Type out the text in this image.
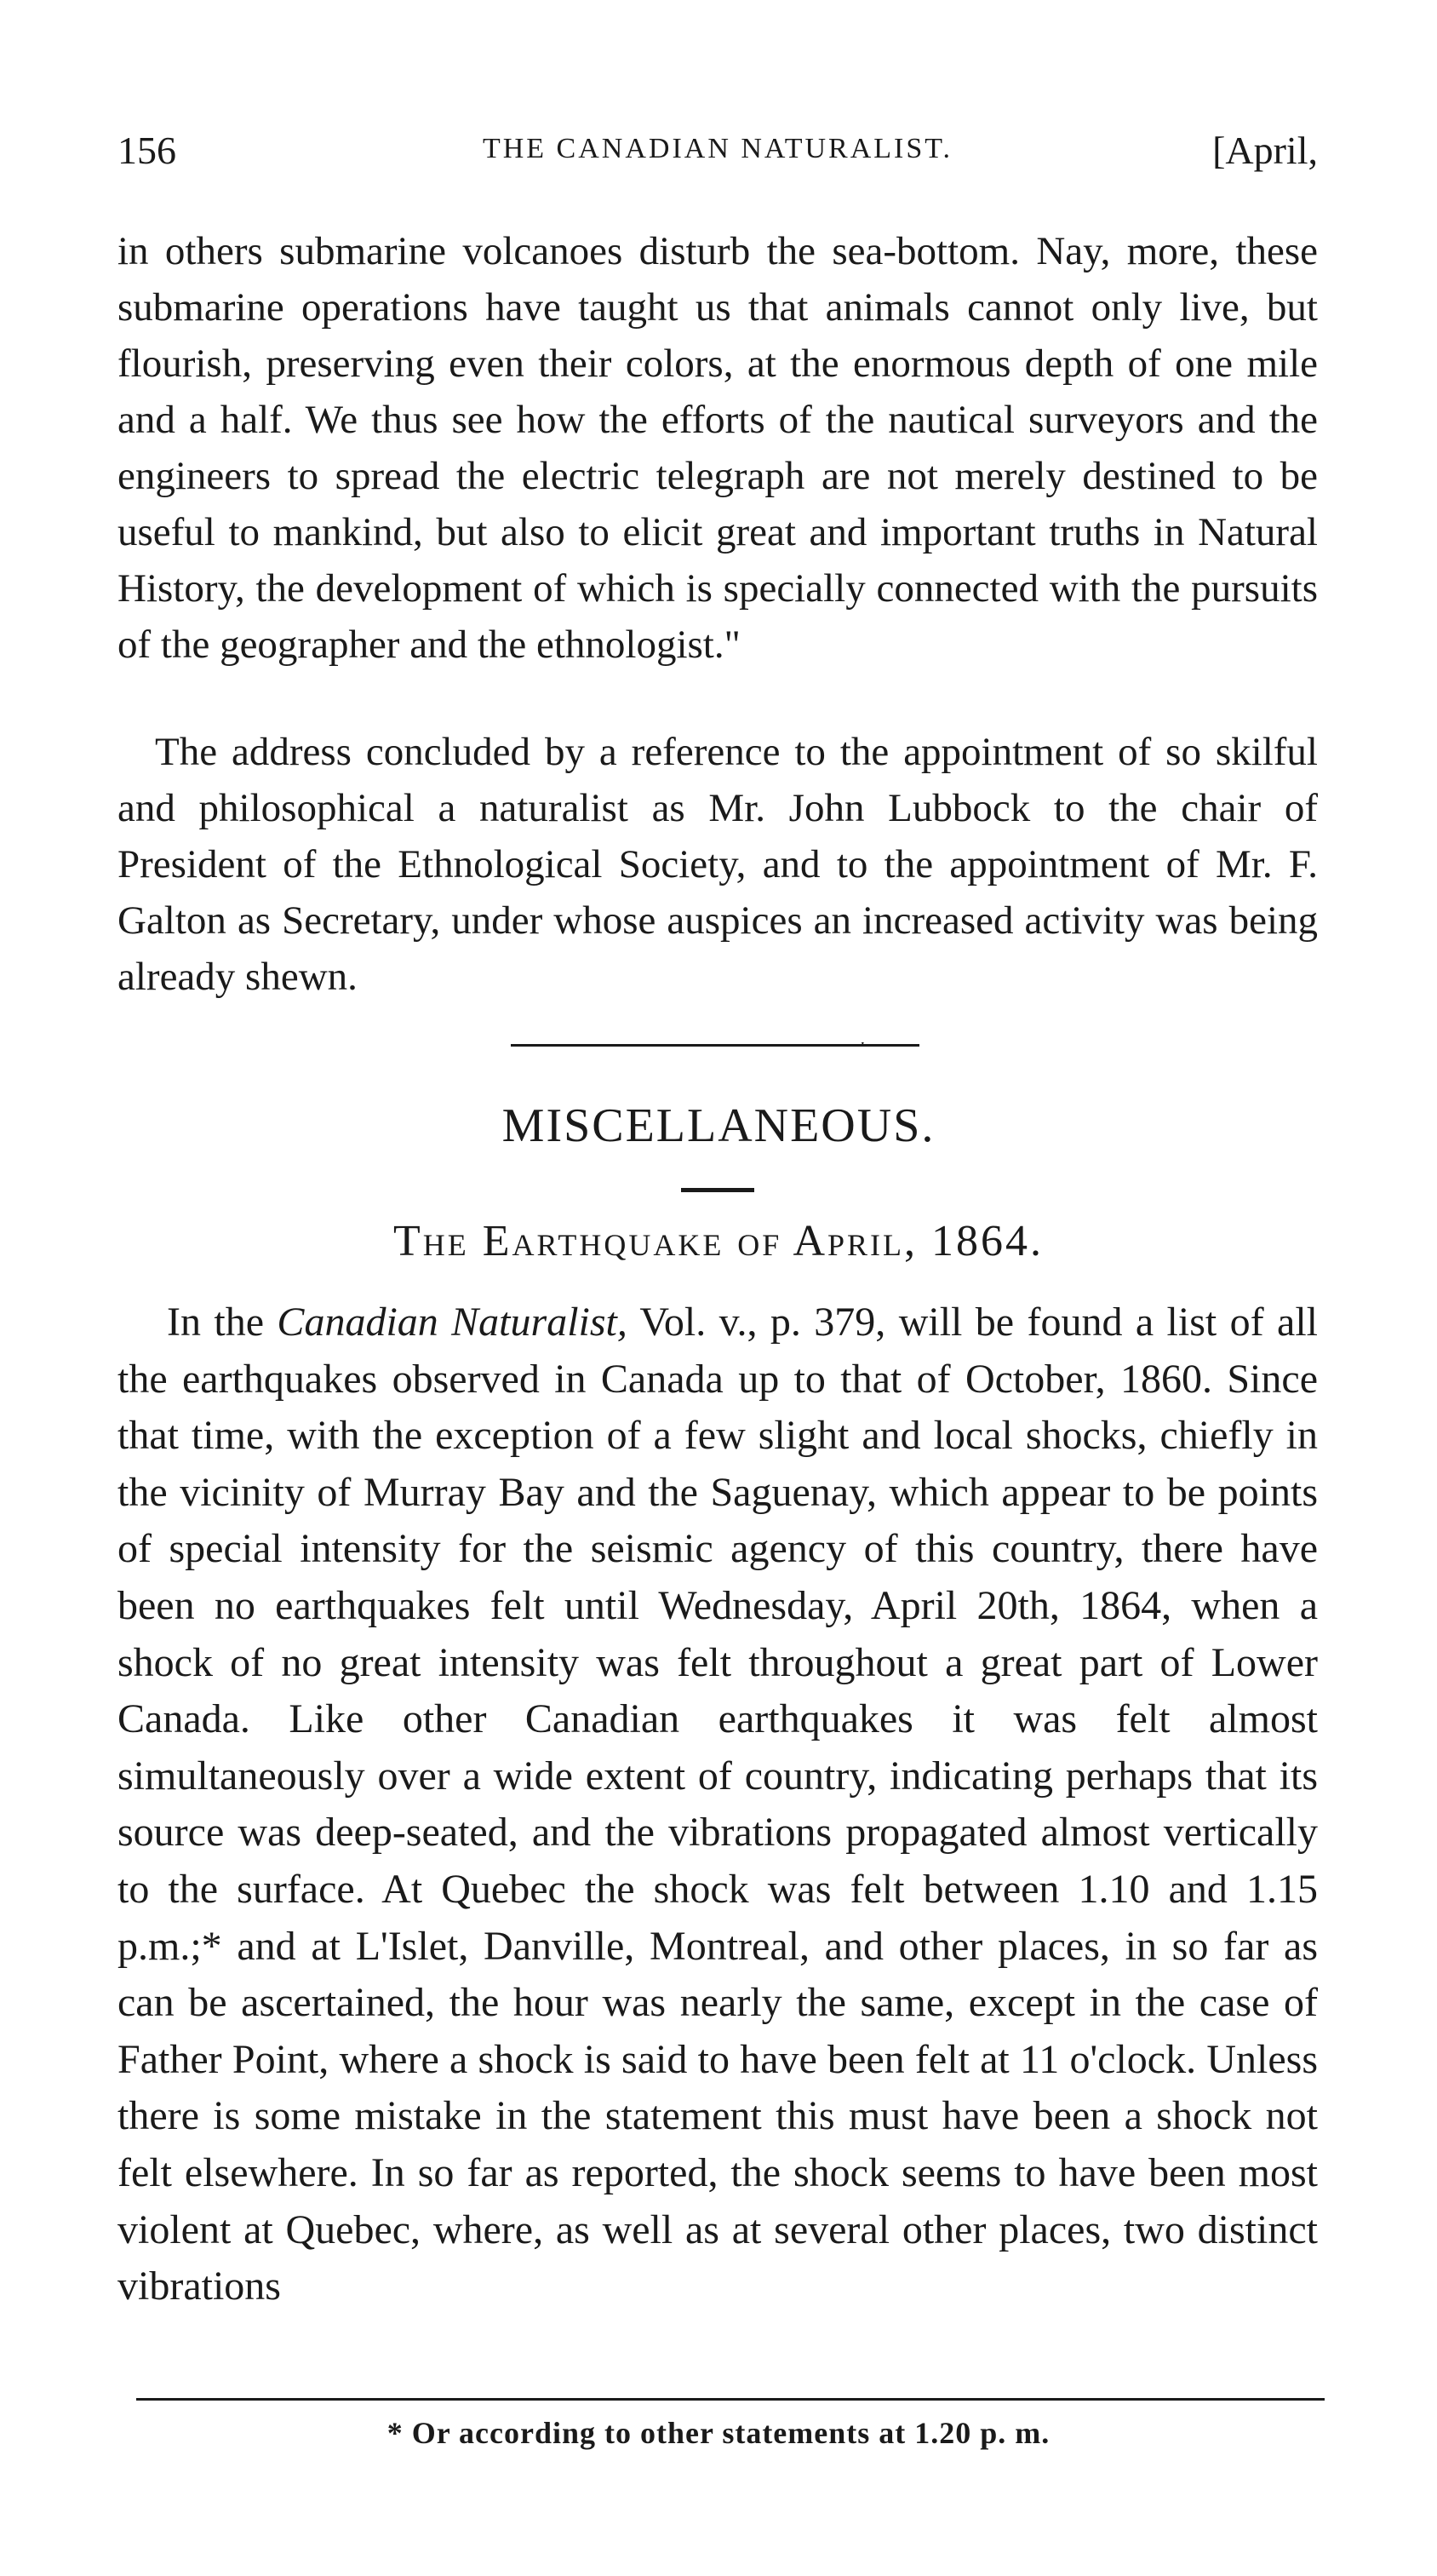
156	THE CANADIAN NATURALIST.	[April,

in others submarine volcanoes disturb the sea-bottom. Nay, more, these submarine operations have taught us that animals cannot only live, but flourish, preserving even their colors, at the enormous depth of one mile and a half. We thus see how the efforts of the nautical surveyors and the engineers to spread the electric telegraph are not merely destined to be useful to mankind, but also to elicit great and important truths in Natural History, the development of which is specially connected with the pursuits of the geographer and the ethnologist."

The address concluded by a reference to the appointment of so skilful and philosophical a naturalist as Mr. John Lubbock to the chair of President of the Ethnological Society, and to the appointment of Mr. F. Galton as Secretary, under whose auspices an increased activity was being already shewn.

ˑ
MISCELLANEOUS.
The Earthquake of April, 1864.

In the Canadian Naturalist, Vol. v., p. 379, will be found a list of all the earthquakes observed in Canada up to that of October, 1860. Since that time, with the exception of a few slight and local shocks, chiefly in the vicinity of Murray Bay and the Saguenay, which appear to be points of special intensity for the seismic agency of this country, there have been no earthquakes felt until Wednesday, April 20th, 1864, when a shock of no great intensity was felt throughout a great part of Lower Canada. Like other Canadian earthquakes it was felt almost simultaneously over a wide extent of country, indicating perhaps that its source was deep-seated, and the vibrations propagated almost vertically to the surface. At Quebec the shock was felt between 1.10 and 1.15 p.m.;* and at L'Islet, Danville, Montreal, and other places, in so far as can be ascertained, the hour was nearly the same, except in the case of Father Point, where a shock is said to have been felt at 11 o'clock. Unless there is some mistake in the statement this must have been a shock not felt elsewhere. In so far as reported, the shock seems to have been most violent at Quebec, where, as well as at several other places, two distinct vibrations

* Or according to other statements at 1.20 p. m.
